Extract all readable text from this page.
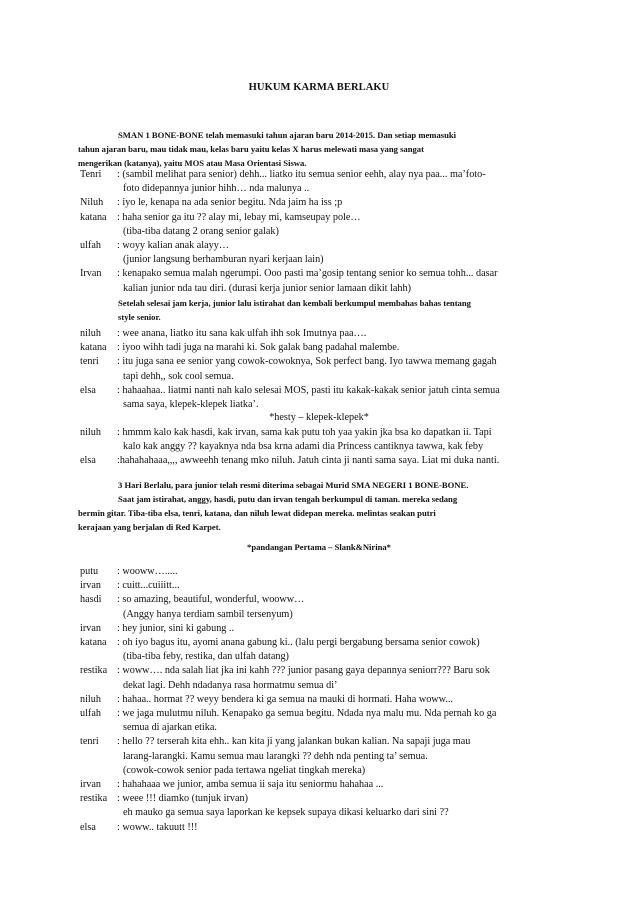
HUKUM KARMA BERLAKU
SMAN 1 BONE-BONE telah memasuki tahun ajaran baru 2014-2015. Dan setiap memasuki
tahun ajaran baru, mau tidak mau, kelas baru yaitu kelas X harus melewati masa yang sangat
mengerikan (katanya), yaitu MOS atau Masa Orientasi Siswa.
Tenri	: (sambil melihat para senior) dehh... liatko itu semua senior eehh, alay nya paa... ma’foto-
foto didepannya junior hihh… nda malunya ..
Niluh	: iyo le, kenapa na ada senior begitu. Nda jaim ha iss ;p
katana	: haha senior ga itu ?? alay mi, lebay mi, kamseupay pole…
(tiba-tiba datang 2 orang senior galak)
ulfah	: woyy kalian anak alayy…
(junior langsung berhamburan nyari kerjaan lain)
Irvan	: kenapako semua malah ngerumpi. Ooo pasti ma’gosip tentang senior ko semua tohh... dasar
kalian junior nda tau diri. (durasi kerja junior senior lamaan dikit lahh)
Setelah selesai jam kerja, junior lalu istirahat dan kembali berkumpul membahas bahas tentang
style senior.
niluh	: wee anana, liatko itu sana kak ulfah ihh sok Imutnya paa….
katana	: iyoo wihh tadi juga na marahi ki. Sok galak bang padahal malembe.
tenri	: itu juga sana ee senior yang cowok-cowoknya, Sok perfect bang. Iyo tawwa memang gagah
tapi dehh,, sok cool semua.
elsa	: hahaahaa.. liatmi nanti nah kalo selesai MOS, pasti itu kakak-kakak senior jatuh cinta semua
sama saya, klepek-klepek liatka’.
*hesty – klepek-klepek*
niluh	: hmmm kalo kak hasdi, kak irvan, sama kak putu toh yaa yakin jka bsa ko dapatkan ii. Tapi
kalo kak anggy ?? kayaknya nda bsa krna adami dia Princess cantiknya tawwa, kak feby
elsa	:hahahahaaa,,,, awweehh tenang mko niluh. Jatuh cinta ji nanti sama saya. Liat mi duka nanti.
3 Hari Berlalu, para junior telah resmi diterima sebagai Murid SMA NEGERI 1 BONE-BONE.
Saat jam istirahat, anggy, hasdi, putu dan irvan tengah berkumpul di taman. mereka sedang
bermin gitar. Tiba-tiba elsa, tenri, katana, dan niluh lewat didepan mereka. melintas seakan putri
kerajaan yang berjalan di Red Karpet.
*pandangan Pertama – Slank&Nirina*
putu	: wooww….....
irvan	: cuitt...cuiiitt...
hasdi	: so amazing, beautiful, wonderful, wooww…
(Anggy hanya terdiam sambil tersenyum)
irvan	: hey junior, sini ki gabung ..
katana	: oh iyo bagus itu, ayomi anana gabung ki.. (lalu pergi bergabung bersama senior cowok)
(tiba-tiba feby, restika, dan ulfah datang)
restika : woww…. nda salah liat jka ini kahh ??? junior pasang gaya depannya seniorr??? Baru sok
dekat lagi. Dehh ndadanya rasa hormatmu semua di’
niluh	: hahaa.. hormat ?? weyy bendera ki ga semua na mauki di hormati. Haha woww...
ulfah	: we jaga mulutmu niluh. Kenapako ga semua begitu. Ndada nya malu mu. Nda pernah ko ga
semua di ajarkan etika.
tenri	: hello ?? terserah kita ehh.. kan kita ji yang jalankan bukan kalian. Na sapaji juga mau
larang-larangki. Kamu semua mau larangki ?? dehh nda penting ta’ semua.
(cowok-cowok senior pada tertawa ngeliat tingkah mereka)
irvan	: hahahaaa we junior, amba semua ii saja itu seniormu hahahaa ...
restika : weee !!! diamko (tunjuk irvan)
eh mauko ga semua saya laporkan ke kepsek supaya dikasi keluarko dari sini ??
elsa	: woww.. takuutt !!!
